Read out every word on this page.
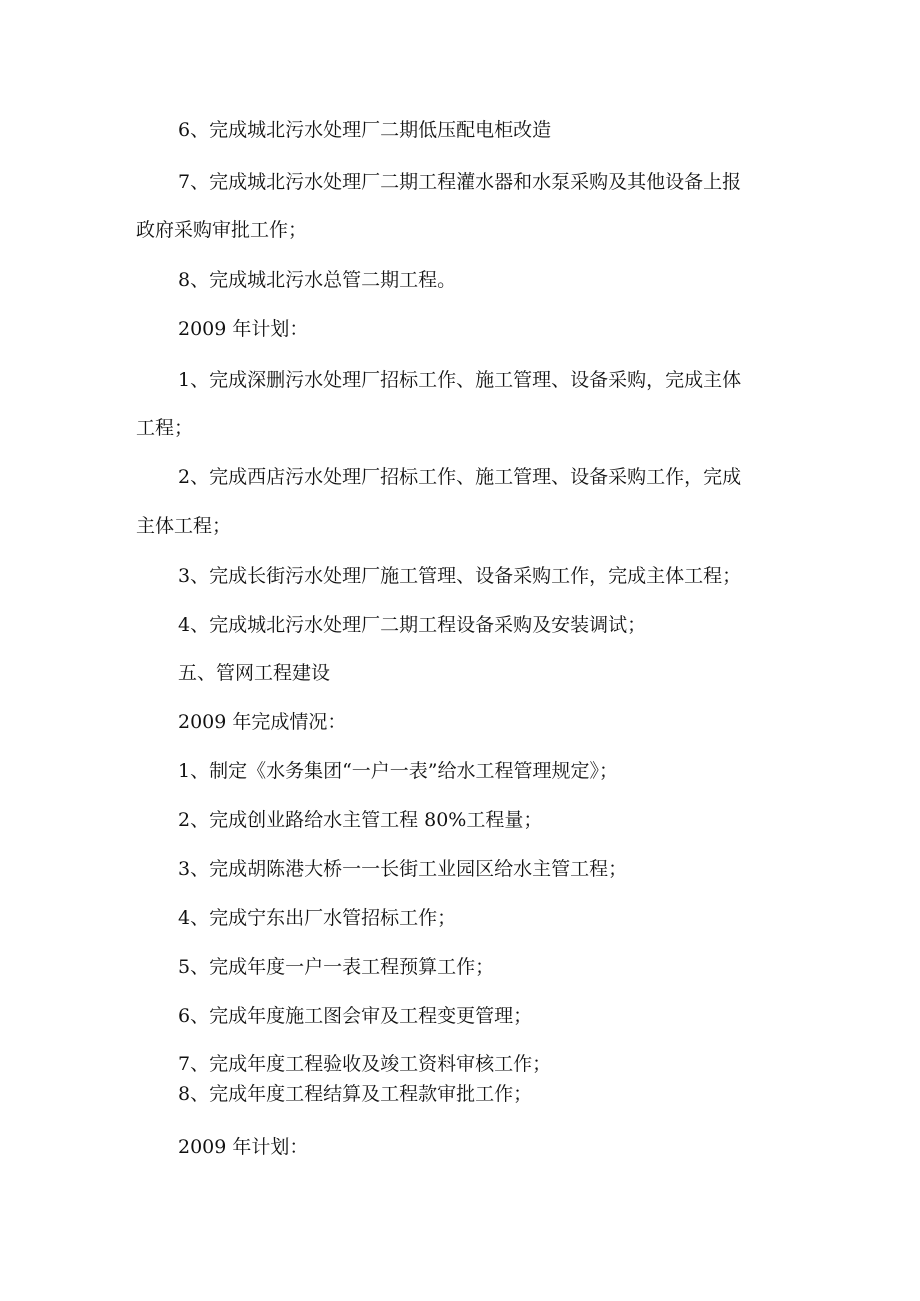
6、完成城北污水处理厂二期低压配电柜改造

7、完成城北污水处理厂二期工程灌水器和水泵采购及其他设备上报

政府采购审批工作；

8、完成城北污水总管二期工程。

2009 年计划：

1、完成深删污水处理厂招标工作、施工管理、设备采购，完成主体

工程；

2、完成西店污水处理厂招标工作、施工管理、设备采购工作，完成

主体工程；

3、完成长街污水处理厂施工管理、设备采购工作，完成主体工程；

4、完成城北污水处理厂二期工程设备采购及安装调试；

五、管网工程建设

2009 年完成情况：

1、制定《水务集团“一户一表”给水工程管理规定》；

2、完成创业路给水主管工程 80%工程量；

3、完成胡陈港大桥一一长街工业园区给水主管工程；

4、完成宁东出厂水管招标工作；

5、完成年度一户一表工程预算工作；

6、完成年度施工图会审及工程变更管理；

7、完成年度工程验收及竣工资料审核工作；

8、完成年度工程结算及工程款审批工作；

2009 年计划：
